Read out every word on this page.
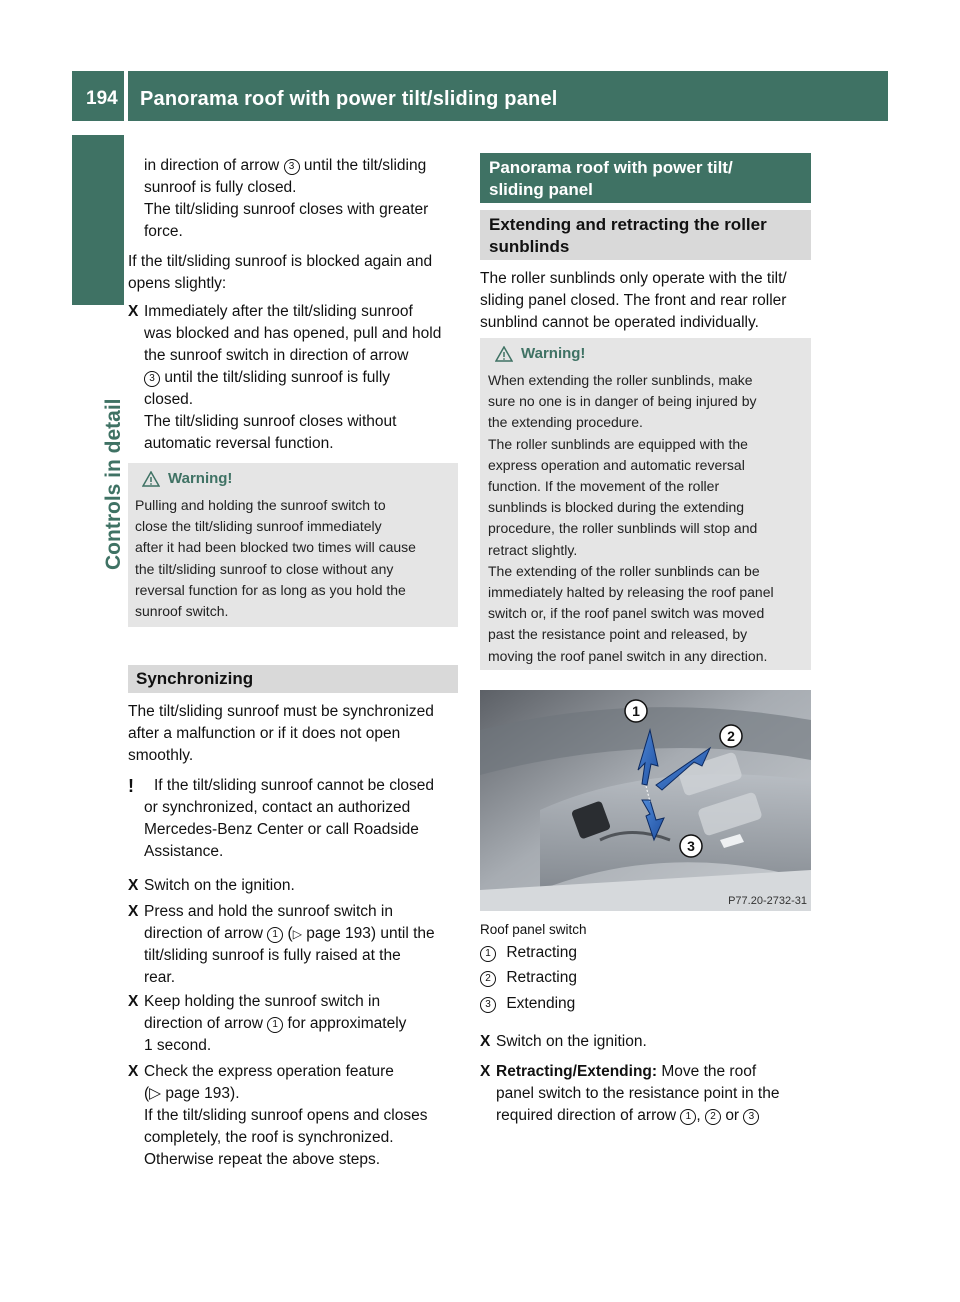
194 Panorama roof with power tilt/sliding panel
Controls in detail
in direction of arrow 3 until the tilt/sliding
sunroof is fully closed.
The tilt/sliding sunroof closes with greater
force.
If the tilt/sliding sunroof is blocked again and
opens slightly:
X Immediately after the tilt/sliding sunroof
was blocked and has opened, pull and hold
the sunroof switch in direction of arrow
3 until the tilt/sliding sunroof is fully
closed.
The tilt/sliding sunroof closes without
automatic reversal function.
Warning!
Pulling and holding the sunroof switch to
close the tilt/sliding sunroof immediately
after it had been blocked two times will cause
the tilt/sliding sunroof to close without any
reversal function for as long as you hold the
sunroof switch.
Synchronizing
The tilt/sliding sunroof must be synchronized
after a malfunction or if it does not open
smoothly.
! If the tilt/sliding sunroof cannot be closed
or synchronized, contact an authorized
Mercedes-Benz Center or call Roadside
Assistance.
X Switch on the ignition.
X Press and hold the sunroof switch in
direction of arrow 1 (▷ page 193) until the
tilt/sliding sunroof is fully raised at the
rear.
X Keep holding the sunroof switch in
direction of arrow 1 for approximately
1 second.
X Check the express operation feature
(▷ page 193).
If the tilt/sliding sunroof opens and closes
completely, the roof is synchronized.
Otherwise repeat the above steps.
Panorama roof with power tilt/
sliding panel
Extending and retracting the roller
sunblinds
The roller sunblinds only operate with the tilt/
sliding panel closed. The front and rear roller
sunblind cannot be operated individually.
Warning!
When extending the roller sunblinds, make
sure no one is in danger of being injured by
the extending procedure.
The roller sunblinds are equipped with the
express operation and automatic reversal
function. If the movement of the roller
sunblinds is blocked during the extending
procedure, the roller sunblinds will stop and
retract slightly.
The extending of the roller sunblinds can be
immediately halted by releasing the roof panel
switch or, if the roof panel switch was moved
past the resistance point and released, by
moving the roof panel switch in any direction.
1
2
3
P77.20-2732-31
Roof panel switch
1 Retracting
2 Retracting
3 Extending
X Switch on the ignition.
X Retracting/Extending: Move the roof
panel switch to the resistance point in the
required direction of arrow 1 , 2 or 3
